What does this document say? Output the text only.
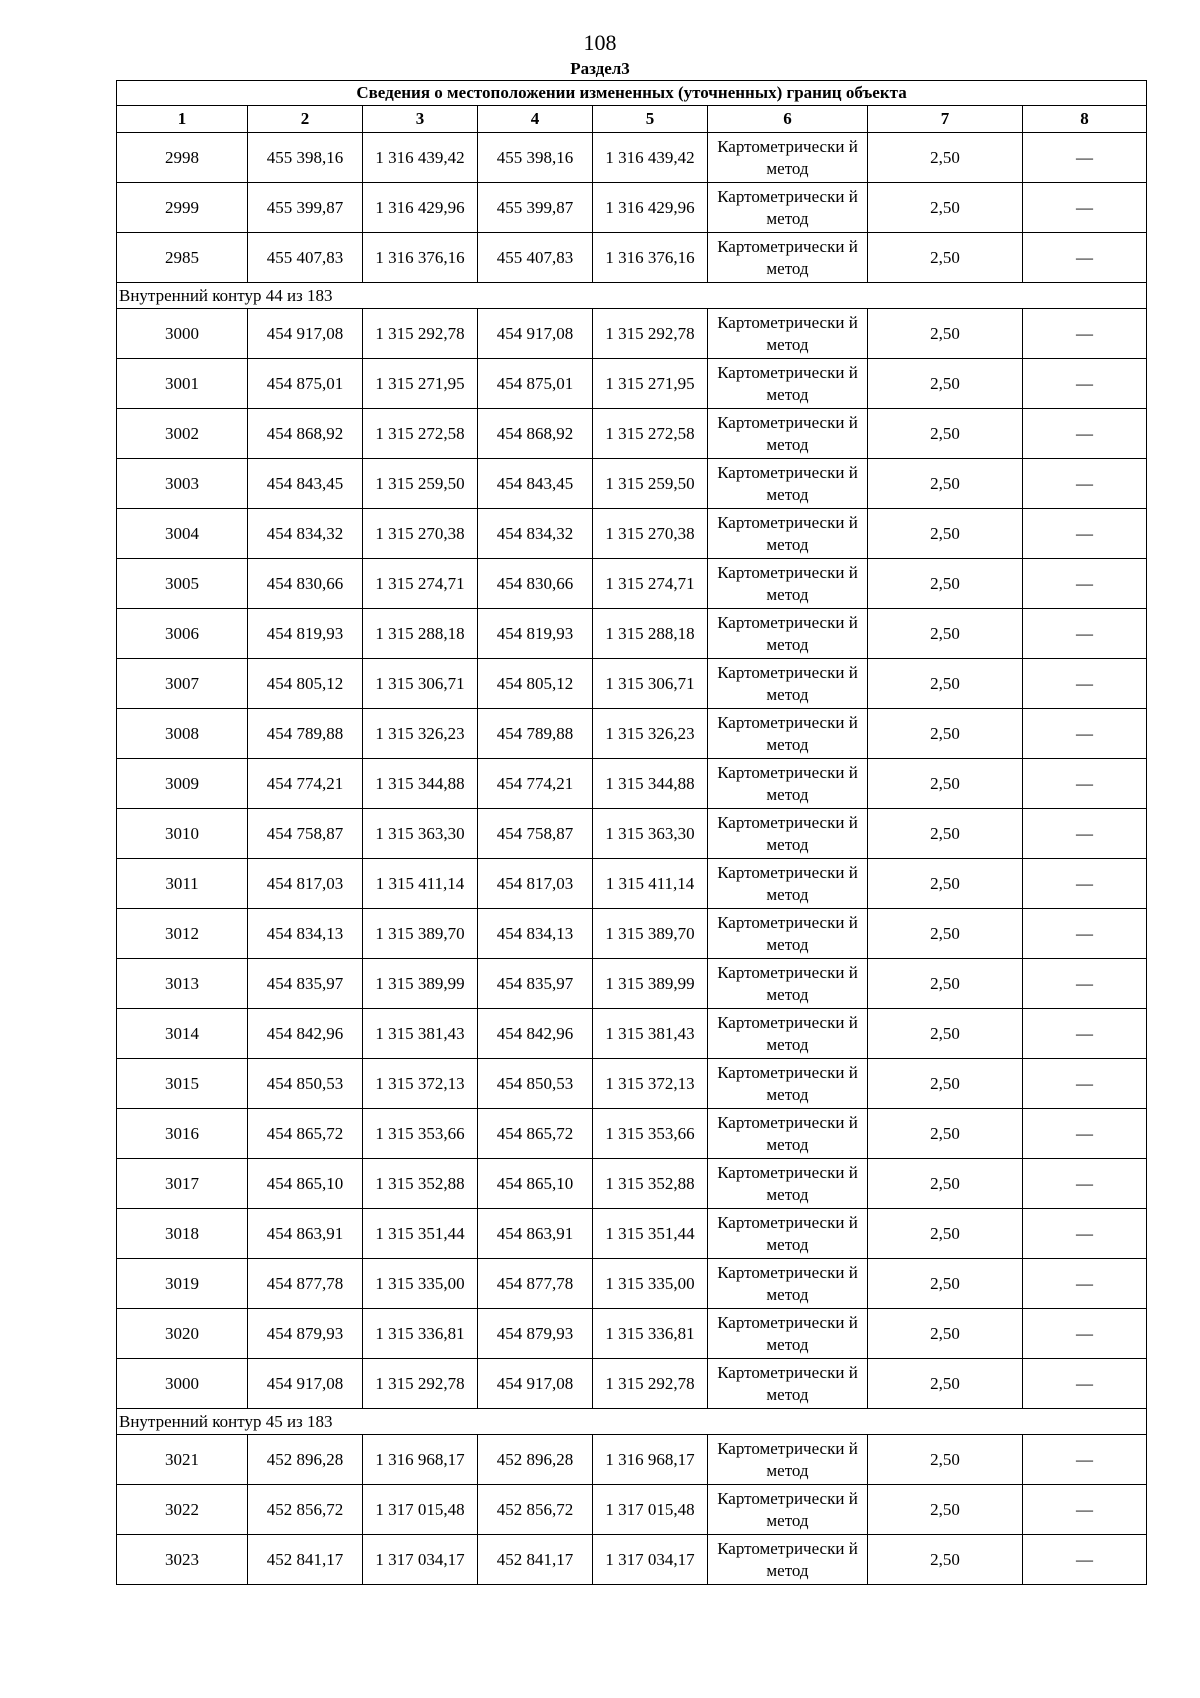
108
Раздел3
Сведения о местоположении измененных (уточненных) границ объекта							
1	2	3	4	5	6	7	8
2998	455 398,16	1 316 439,42	455 398,16	1 316 439,42	Картометрически й метод	2,50	—
2999	455 399,87	1 316 429,96	455 399,87	1 316 429,96	Картометрически й метод	2,50	—
2985	455 407,83	1 316 376,16	455 407,83	1 316 376,16	Картометрически й метод	2,50	—
Внутренний контур 44 из 183							
3000	454 917,08	1 315 292,78	454 917,08	1 315 292,78	Картометрически й метод	2,50	—
3001	454 875,01	1 315 271,95	454 875,01	1 315 271,95	Картометрически й метод	2,50	—
3002	454 868,92	1 315 272,58	454 868,92	1 315 272,58	Картометрически й метод	2,50	—
3003	454 843,45	1 315 259,50	454 843,45	1 315 259,50	Картометрически й метод	2,50	—
3004	454 834,32	1 315 270,38	454 834,32	1 315 270,38	Картометрически й метод	2,50	—
3005	454 830,66	1 315 274,71	454 830,66	1 315 274,71	Картометрически й метод	2,50	—
3006	454 819,93	1 315 288,18	454 819,93	1 315 288,18	Картометрически й метод	2,50	—
3007	454 805,12	1 315 306,71	454 805,12	1 315 306,71	Картометрически й метод	2,50	—
3008	454 789,88	1 315 326,23	454 789,88	1 315 326,23	Картометрически й метод	2,50	—
3009	454 774,21	1 315 344,88	454 774,21	1 315 344,88	Картометрически й метод	2,50	—
3010	454 758,87	1 315 363,30	454 758,87	1 315 363,30	Картометрически й метод	2,50	—
3011	454 817,03	1 315 411,14	454 817,03	1 315 411,14	Картометрически й метод	2,50	—
3012	454 834,13	1 315 389,70	454 834,13	1 315 389,70	Картометрически й метод	2,50	—
3013	454 835,97	1 315 389,99	454 835,97	1 315 389,99	Картометрически й метод	2,50	—
3014	454 842,96	1 315 381,43	454 842,96	1 315 381,43	Картометрически й метод	2,50	—
3015	454 850,53	1 315 372,13	454 850,53	1 315 372,13	Картометрически й метод	2,50	—
3016	454 865,72	1 315 353,66	454 865,72	1 315 353,66	Картометрически й метод	2,50	—
3017	454 865,10	1 315 352,88	454 865,10	1 315 352,88	Картометрически й метод	2,50	—
3018	454 863,91	1 315 351,44	454 863,91	1 315 351,44	Картометрически й метод	2,50	—
3019	454 877,78	1 315 335,00	454 877,78	1 315 335,00	Картометрически й метод	2,50	—
3020	454 879,93	1 315 336,81	454 879,93	1 315 336,81	Картометрически й метод	2,50	—
3000	454 917,08	1 315 292,78	454 917,08	1 315 292,78	Картометрически й метод	2,50	—
Внутренний контур 45 из 183							
3021	452 896,28	1 316 968,17	452 896,28	1 316 968,17	Картометрически й метод	2,50	—
3022	452 856,72	1 317 015,48	452 856,72	1 317 015,48	Картометрически й метод	2,50	—
3023	452 841,17	1 317 034,17	452 841,17	1 317 034,17	Картометрически й метод	2,50	—
